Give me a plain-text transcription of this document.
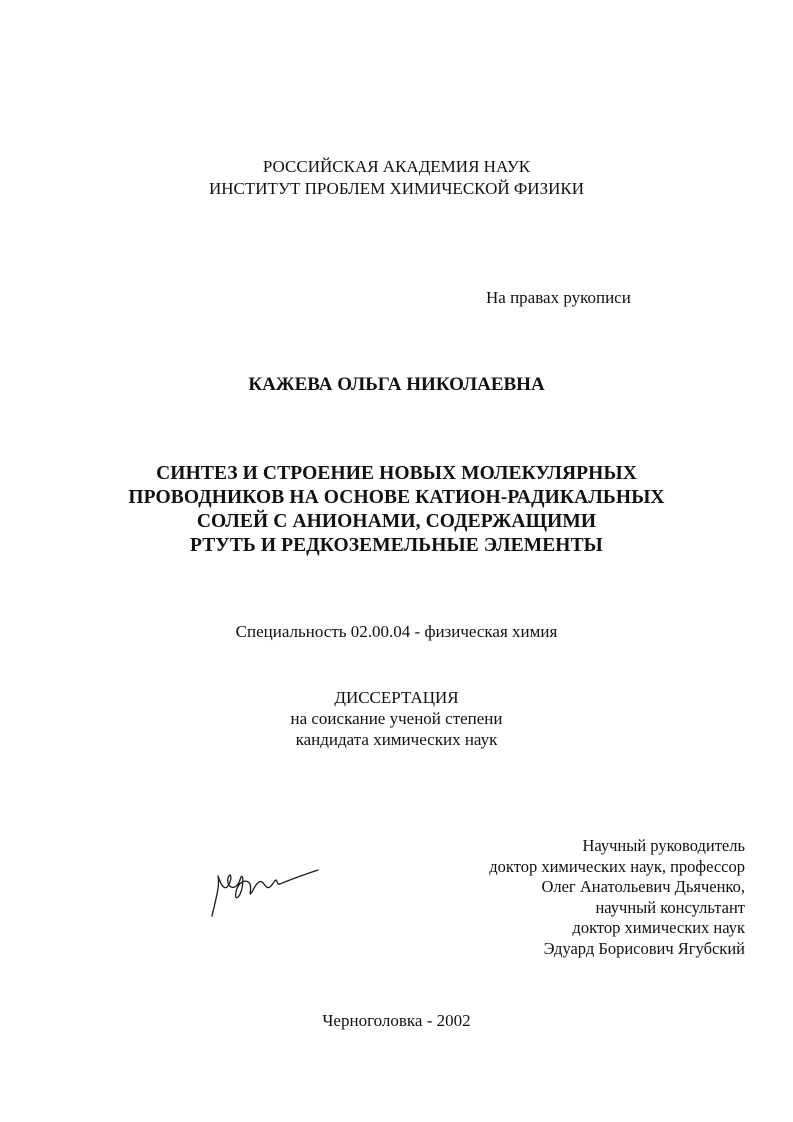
РОССИЙСКАЯ АКАДЕМИЯ НАУК
ИНСТИТУТ ПРОБЛЕМ ХИМИЧЕСКОЙ ФИЗИКИ
На правах рукописи
КАЖЕВА ОЛЬГА НИКОЛАЕВНА
СИНТЕЗ И СТРОЕНИЕ НОВЫХ МОЛЕКУЛЯРНЫХ
ПРОВОДНИКОВ НА ОСНОВЕ КАТИОН-РАДИКАЛЬНЫХ
СОЛЕЙ С АНИОНАМИ, СОДЕРЖАЩИМИ
РТУТЬ И РЕДКОЗЕМЕЛЬНЫЕ ЭЛЕМЕНТЫ
Специальность 02.00.04 - физическая химия
ДИССЕРТАЦИЯ
на соискание ученой степени
кандидата химических наук
Научный руководитель
доктор химических наук, профессор
Олег Анатольевич Дьяченко,
научный консультант
доктор химических наук
Эдуард Борисович Ягубский
Черноголовка - 2002
